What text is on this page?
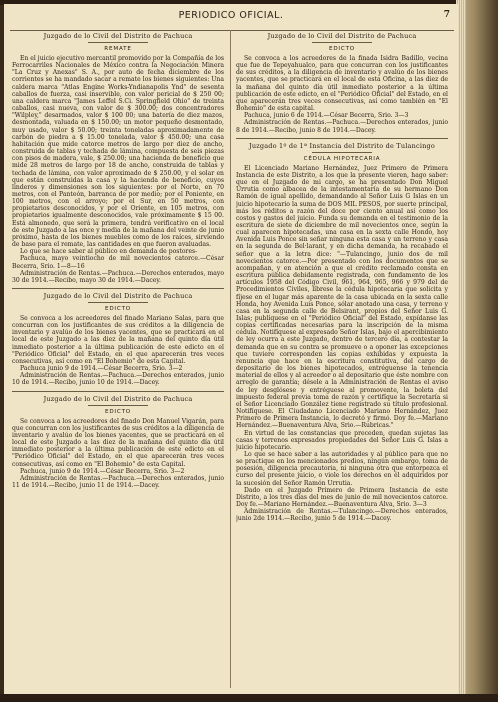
PERIODICO OFICIAL.	7
Juzgado de lo Civil del Distrito de Pachuca
REMATE

En el juicio ejecutivo mercantil promovido por la Compañía de los Ferrocarriles Nacionales de México contra la Negociación Minera "La Cruz y Anexas" S. A., por auto de fecha diciembre de los corrientes se ha mandado sacar a remate los bienes siguientes: Una caldera marca "Atlas Engine Works-Yndianapolis Ynd" de sesenta caballos de fuerza, casi inservible, con valor pericial de $ 250 00; una caldera marca "James Leffel S.Ci. Springfield Ohio" de treinta caballos, casi nueva, con valor de $ 300.00; dos concentradores "Wilpley," desarmados, valor $ 100 00; una batería de diez mazos, desmontada, valuada en $ 150.00; un motor pequeño desmontado, muy usado, valor $ 50.00; treinta toneladas aproximadamente de carbón de piedra a $ 15.00 tonelada, valor $ 450.00; una casa habitación que mide catorce metros de largo por diez de ancho, construida de tablas y techada de lámina, compuesta de seis piezas con pisos de madera, vale, $ 250.00; una hacienda de beneficio que mide 28 metros de largo por 18 de ancho, construida de tablas y techada de lámina, con valor aproximado de $ 250.00, y el solar en que están construidas la casa y la hacienda de beneficio, cuyos linderos y dimensiones son los siguientes: por el Norte, en 70 metros, con el Panteón, barranca de por medio; por el Poniente, en 100 metros, con el arroyo; por el Sur, en 50 metros, con propietarios desconocidos, y por el Oriente, en 105 metros, con propietarios igualmente desconocidos, vale próximamente $ 15 00. Está almonedo, que será la primera, tendrá verificativo en el local de este Juzgado a las once y media de la mañana del veinte de junio próximo, hasta de los bienes muebles como de los raíces, sirviendo de base para el remate, las cantidades en que fueron avaluadas.

Lo que se hace saber al público en demanda de postores-

Pachuca, mayo veintiocho de mil novecientos catorce.—César Becerra, Srio. 1—8—16

Administración de Rentas.—Pachuca.—Derechos enterados, mayo 30 de 1914.—Recibo, mayo 30 de 1914.—Dacey.

Juzgado de lo Civil del Distrito de Pachuca
EDICTO

Se convoca a los acreedores del finado Mariano Salas, para que concurran con los justificantes de sus créditos a la diligencia de inventario y avalúo de los bienes yacentes, que se practicará en el local de este Juzgado a las diez de la mañana del quinto día útil inmediato posterior a la última publicación de este edicto en el "Periódico Oficial" del Estado, en el que aparecerán tres veces consecutivas, así como en "El Bohemio" de esta Capital.

Pachuca junio 9 de 1914.—César Becerra, Srio. 3—2

Administración de Rentas.—Pachuca.—Derechos enterados, junio 10 de 1914.—Recibo, junio 10 de 1914.—Dacey.

Juzgado de lo Civil del Distrito de Pachuca
EDICTO

Se convoca a los acreedores del finado Don Manuel Vigarán, para que concurran con los justificantes de sus créditos a la diligencia de inventario y avalúo de los bienes yacentes, que se practicará en el local de este Juzgado a las diez de la mañana del quinto día útil inmediato posterior a la última publicación de este edicto en el "Periódico Oficial" del Estado, en el que aparecerán tres veces consecutivas, así como en "El Bohemio" de esta Capital.

Pachuca, junio 9 de 1914.—César Becerra, Srio. 3—2

Administración de Rentas.—Pachuca.—Derechos enterados, junio 11 de 1914.—Recibo, junio 11 de 1914.—Dacey.

Juzgado de lo Civil del Distrito de Pachuca
EDICTO

Se convoca a los acreedores de la finada Isidra Badillo, vecina que fue de Tepeyahualco, para que concurran con los justificantes de sus créditos, a la diligencia de inventario y avalúo de los bienes yacentes, que se practicará en el local de esta Oficina, a las diez de la mañana del quinto día útil inmediato posterior a la última publicación de este edicto, en el "Periódico Oficial" del Estado, en el que aparecerán tres veces consecutivas, así como también en "El Bohemio" de esta capital.

Pachuca, junio 6 de 1914.—César Becerra, Srio. 3—3

Administración de Rentas.—Pachuca.—Derechos enterados, junio 8 de 1914.—Recibo, junio 8 de 1914.—Dacey.

Juzgado 1º de 1ª Instancia del Distrito de Tulancingo
CÉDULA HIPOTECARIA

El Licenciado Mariano Hernández, Juez Primero de Primera Instancia de este Distrito, a los que la presente vieren, hago saber: que en el Juzgado de mi cargo, se ha presentado Don Miguel Urrutia como albacea de la intestamentaría de su hermano Don Ramón de igual apellido, demandando al Señor Luis G Islas en un juicio hipotecario la suma de DOS MIL PESOS, por suerte principal, más los réditos a razón del doce por ciento anual así como los costos y gastos del juicio. Funda su demanda en el testimonio de la escritura de siete de diciembre de mil novecientos once, según la cual aparecen hipotecadas, una casa en la sexta calle Hondo, hoy Avenida Luis Ponce sin señar ninguna esta casa y un terreno y casa en la segunda de Bel·larant, y en dicha demanda, ha recabado el señor que a la letra dice: "—Tulancingo, junio dos de mil novecientos catorce.—Por presentado con los documentos que se acompañan, y en atención a que el crédito reclamado consta en escritura pública debidamente registrada, con fundamento de los artículos 1958 del Código Civil, 961, 964, 965, 966 y 979 del de Procedimientos Civiles, líbrese la cédula hipotecaria que solicita y fíjese en el lugar más aparente de la casa ubicada en la sexta calle Honda, hoy Avenida Luis Ponce, sólar anotado una casa, y terreno y casa en la segunda calle de Belsirant, propios del Señor Luis G. Islas; publíquese en el "Periódico Oficial" del Estado, expídanse las copias certificadas necesarias para la inscripción de la misma cédula. Notifíquese al expresado Señor Islas, bajo el apercibimiento de ley ocurra a este Juzgado, dentro de tercero día, a contestar la demanda que en su contra se promueve o a oponer las excepciones que tuviere corresponden las copias exhibidas y expuesta la renuncia que hace en la escritura constitutiva, del cargo de depositario de los bienes hipotecados, entréguense la tenencia material de ellos y al acreedor o al depositario que éste nombre con arreglo de garantía; désele a la Administración de Rentas el aviso de ley desglósese y entréguese al promovente, la boleta del impuesto federal previa toma de razón y certifíque la Secretaría si el Señor Licenciado González tiene registrado su título profesional. Notifíquese. El Ciudadano Licenciado Mariano Hernández, Juez Primero de Primera Instancia, lo decretó y firmó. Doy fe.—Mariano Hernández.—Buenaventura Alva, Srio.—Rubricas."

En virtud de las constancias que preceden, quedan sujetas las casas y terrenos expresados propiedades del Señor Luis G. Islas a juicio hipotecario.

Lo que se hace saber a las autoridades y al público para que no se practique en los mencionados predios, ningún embargo, toma de posesión, diligencia precautoria, ni ninguna otra que entorpezca el curso del presente juicio, o viole los derechos en él adquiridos por la sucesión del Señor Ramón Urrutia.

Dado en el Juzgado Primero de Primera Instancia de este Distrito, a los tres días del mes de junio de mil novecientos catorce. Doy fe.—Mariano Hernández.—Buenaventura Alva, Srio. 3—3

Administración de Rentas.—Tulancingo.—Derechos enterados, junio 2de 1914.—Recibo, junio 5 de 1914.—Dacey.
